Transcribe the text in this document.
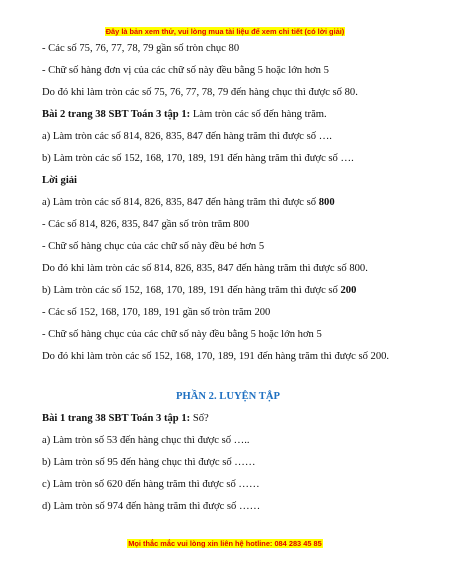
Đây là bản xem thử, vui lòng mua tài liệu để xem chi tiết (có lời giải)
- Các số 75, 76, 77, 78, 79 gần số tròn chục 80
- Chữ số hàng đơn vị của các chữ số này đều bằng 5 hoặc lớn hơn 5
Do đó khi làm tròn các số 75, 76, 77, 78, 79 đến hàng chục thì được số 80.
Bài 2 trang 38 SBT Toán 3 tập 1: Làm tròn các số đến hàng trăm.
a) Làm tròn các số 814, 826, 835, 847 đến hàng trăm thì được số ….
b) Làm tròn các số 152, 168, 170, 189, 191 đến hàng trăm thì được số ….
Lời giải
a) Làm tròn các số 814, 826, 835, 847 đến hàng trăm thì được số 800
- Các số 814, 826, 835, 847 gần số tròn trăm 800
- Chữ số hàng chục của các chữ số này đều bé hơn 5
Do đó khi làm tròn các số 814, 826, 835, 847 đến hàng trăm thì được số 800.
b) Làm tròn các số 152, 168, 170, 189, 191 đến hàng trăm thì được số 200
- Các số 152, 168, 170, 189, 191 gần số tròn trăm 200
- Chữ số hàng chục của các chữ số này đều bằng 5 hoặc lớn hơn 5
Do đó khi làm tròn các số 152, 168, 170, 189, 191 đến hàng trăm thì được số 200.
PHẦN 2. LUYỆN TẬP
Bài 1 trang 38 SBT Toán 3 tập 1: Số?
a) Làm tròn số 53 đến hàng chục thì được số …..
b) Làm tròn số 95 đến hàng chục thì được số ……
c) Làm tròn số 620 đến hàng trăm thì được số ……
d) Làm tròn số 974 đến hàng trăm thì được số ……
Mọi thắc mắc vui lòng xin liên hệ hotline: 084 283 45 85
